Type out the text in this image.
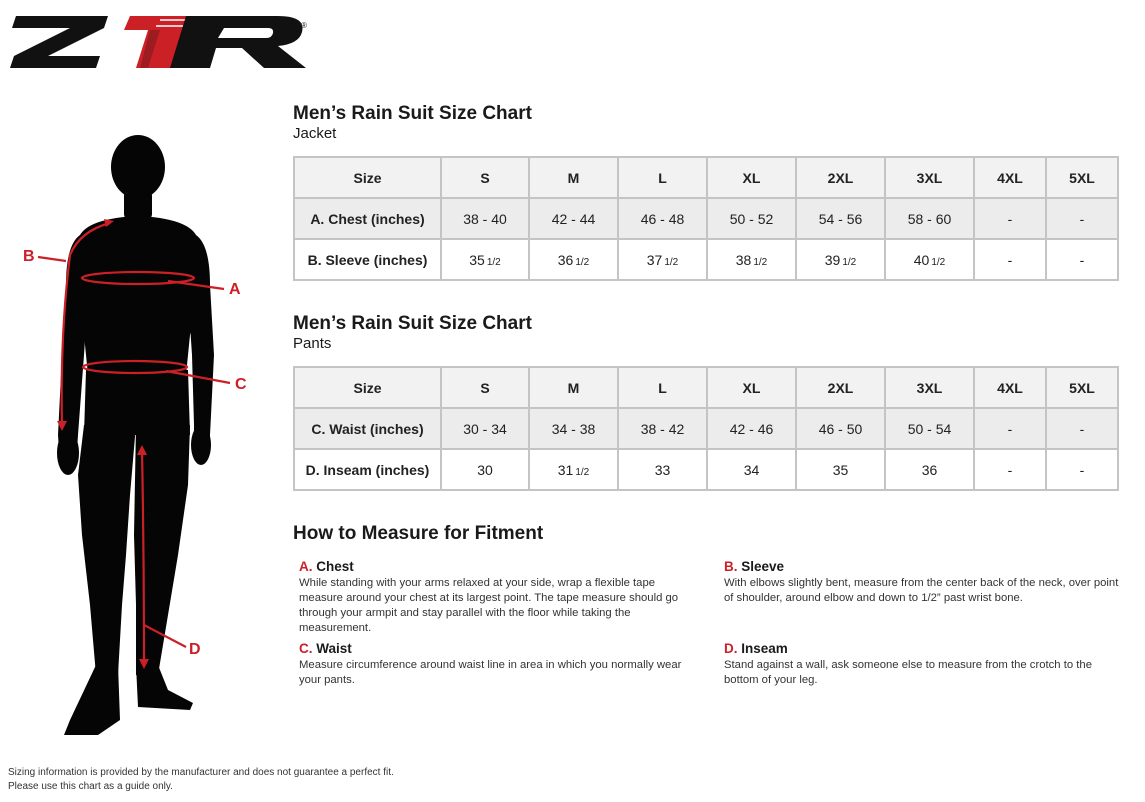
®
B
A
C
D
Men’s Rain Suit Size Chart
Jacket
Size	S	M	L	XL	2XL	3XL	4XL	5XL
A. Chest (inches)	38 - 40	42 - 44	46 - 48	50 - 52	54 - 56	58 - 60	-	-
B. Sleeve (inches)	35 1/2	36 1/2	37 1/2	38 1/2	39 1/2	40 1/2	-	-
Men’s Rain Suit Size Chart
Pants
Size	S	M	L	XL	2XL	3XL	4XL	5XL
C. Waist (inches)	30 - 34	34 - 38	38 - 42	42 - 46	46 - 50	50 - 54	-	-
D. Inseam (inches)	30	31 1/2	33	34	35	36	-	-
How to Measure for Fitment
A. Chest
While standing with your arms relaxed at your side, wrap a flexible tape measure around your chest at its largest point. The tape measure should go through your armpit and stay parallel with the floor while taking the measurement.
B. Sleeve
With elbows slightly bent, measure from the center back of the neck, over point of shoulder, around elbow and down to 1/2” past wrist bone.
C. Waist
Measure circumference around waist line in area in which you normally wear your pants.
D. Inseam
Stand against a wall, ask someone else to measure from the crotch to the bottom of your leg.
Sizing information is provided by the manufacturer and does not guarantee a perfect fit.
Please use this chart as a guide only.
